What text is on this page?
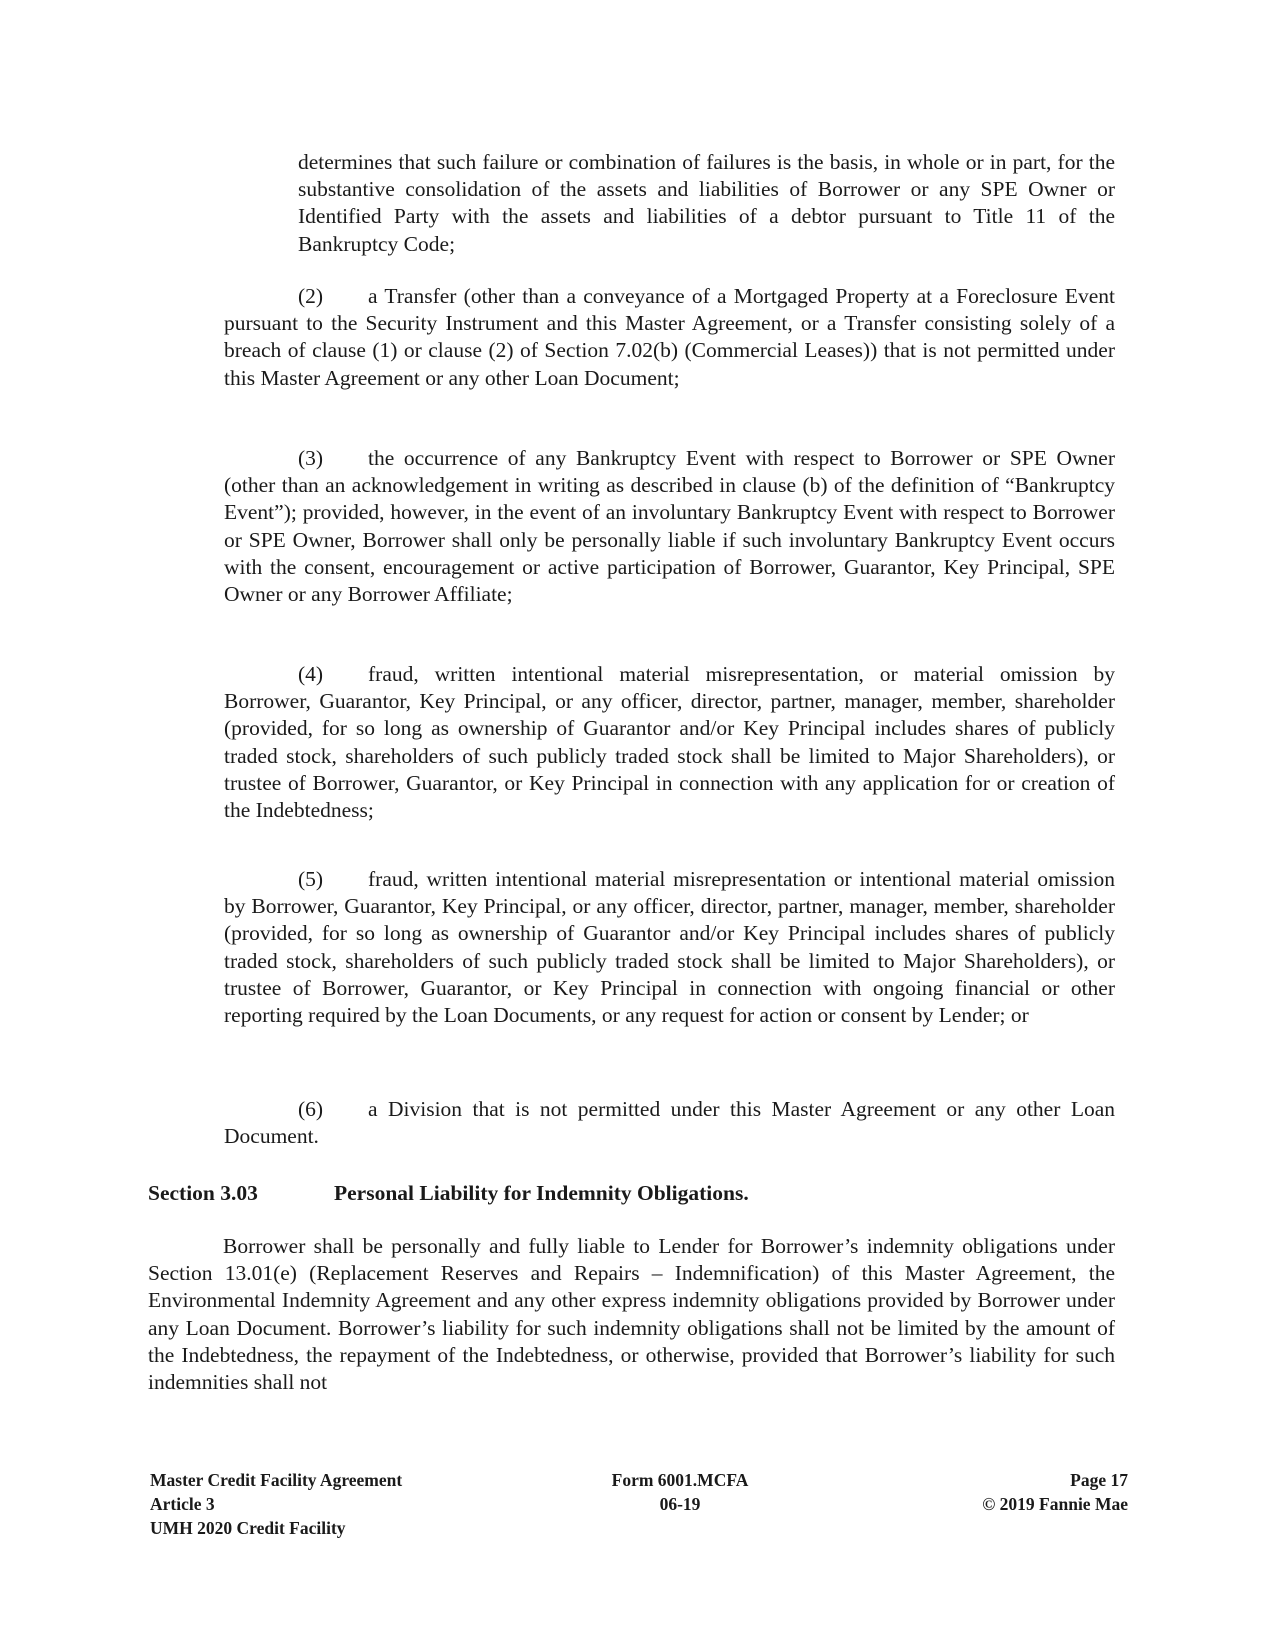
determines that such failure or combination of failures is the basis, in whole or in part, for the substantive consolidation of the assets and liabilities of Borrower or any SPE Owner or Identified Party with the assets and liabilities of a debtor pursuant to Title 11 of the Bankruptcy Code;

(2) a Transfer (other than a conveyance of a Mortgaged Property at a Foreclosure Event pursuant to the Security Instrument and this Master Agreement, or a Transfer consisting solely of a breach of clause (1) or clause (2) of Section 7.02(b) (Commercial Leases)) that is not permitted under this Master Agreement or any other Loan Document;

(3) the occurrence of any Bankruptcy Event with respect to Borrower or SPE Owner (other than an acknowledgement in writing as described in clause (b) of the definition of “Bankruptcy Event”); provided, however, in the event of an involuntary Bankruptcy Event with respect to Borrower or SPE Owner, Borrower shall only be personally liable if such involuntary Bankruptcy Event occurs with the consent, encouragement or active participation of Borrower, Guarantor, Key Principal, SPE Owner or any Borrower Affiliate;

(4) fraud, written intentional material misrepresentation, or material omission by Borrower, Guarantor, Key Principal, or any officer, director, partner, manager, member, shareholder (provided, for so long as ownership of Guarantor and/or Key Principal includes shares of publicly traded stock, shareholders of such publicly traded stock shall be limited to Major Shareholders), or trustee of Borrower, Guarantor, or Key Principal in connection with any application for or creation of the Indebtedness;

(5) fraud, written intentional material misrepresentation or intentional material omission by Borrower, Guarantor, Key Principal, or any officer, director, partner, manager, member, shareholder (provided, for so long as ownership of Guarantor and/or Key Principal includes shares of publicly traded stock, shareholders of such publicly traded stock shall be limited to Major Shareholders), or trustee of Borrower, Guarantor, or Key Principal in connection with ongoing financial or other reporting required by the Loan Documents, or any request for action or consent by Lender; or

(6) a Division that is not permitted under this Master Agreement or any other Loan Document.

Section 3.03	Personal Liability for Indemnity Obligations.

Borrower shall be personally and fully liable to Lender for Borrower’s indemnity obligations under Section 13.01(e) (Replacement Reserves and Repairs – Indemnification) of this Master Agreement, the Environmental Indemnity Agreement and any other express indemnity obligations provided by Borrower under any Loan Document. Borrower’s liability for such indemnity obligations shall not be limited by the amount of the Indebtedness, the repayment of the Indebtedness, or otherwise, provided that Borrower’s liability for such indemnities shall not

Master Credit Facility Agreement
Article 3
UMH 2020 Credit Facility
Form 6001.MCFA
06-19
Page 17
© 2019 Fannie Mae
